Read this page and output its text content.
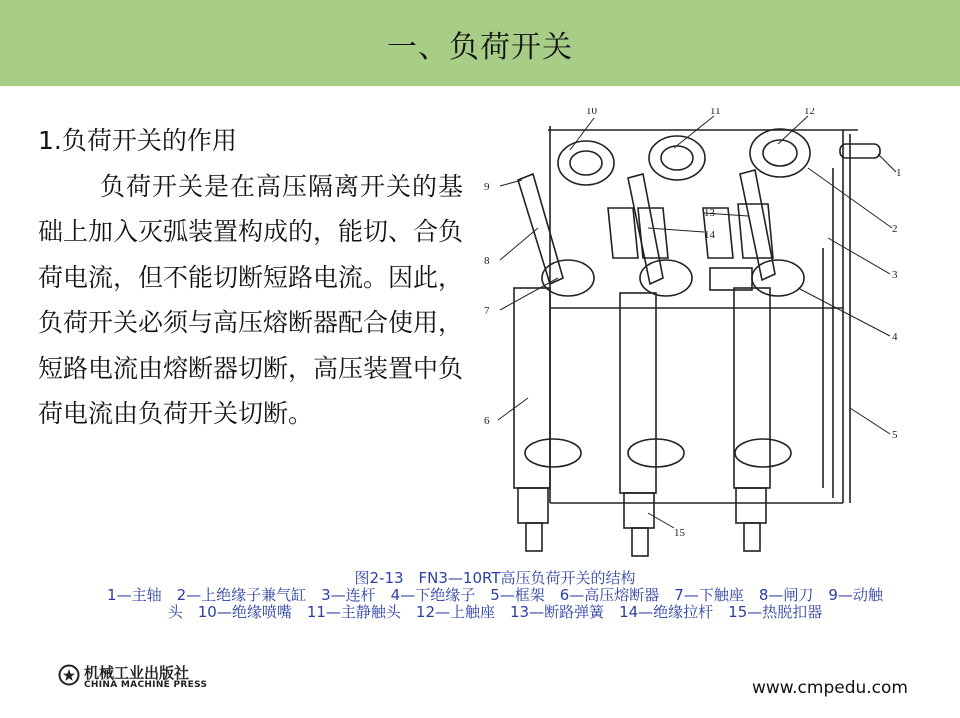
一、负荷开关
1.负荷开关的作用
负荷开关是在高压隔离开关的基础上加入灭弧装置构成的，能切、合负荷电流，但不能切断短路电流。因此，负荷开关必须与高压熔断器配合使用，短路电流由熔断器切断，高压装置中负荷电流由负荷开关切断。
10	11	12
1
2
3
4
5
6
7
8
9
13
14
15
图2-13　FN3—10RT高压负荷开关的结构
1—主轴　2—上绝缘子兼气缸　3—连杆　4—下绝缘子　5—框架　6—高压熔断器　7—下触座　8—闸刀　9—动触头　10—绝缘喷嘴　11—主静触头　12—上触座　13—断路弹簧　14—绝缘拉杆　15—热脱扣器
机械工业出版社
CHINA MACHINE PRESS	www.cmpedu.com
